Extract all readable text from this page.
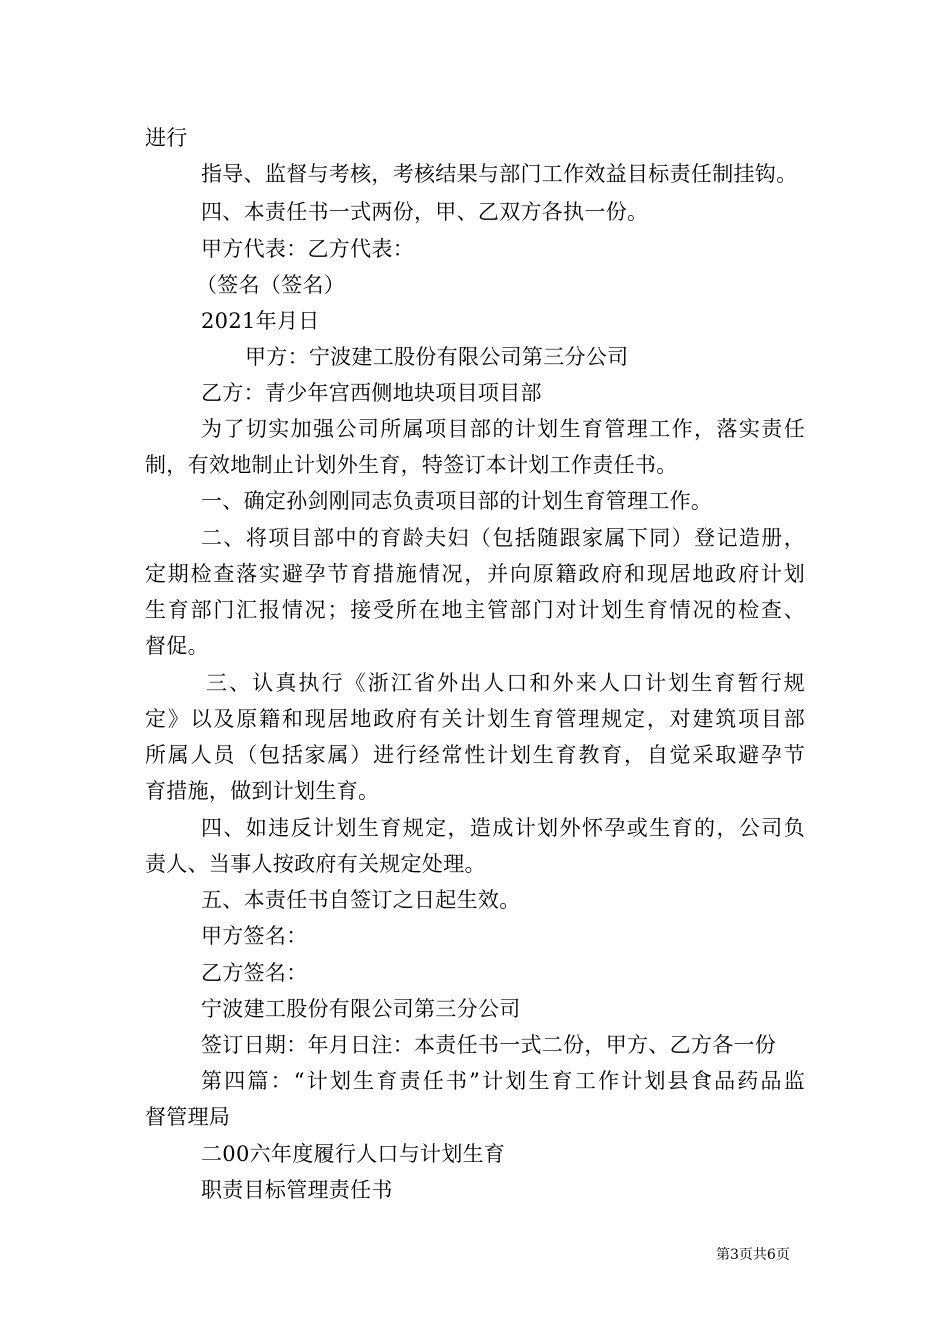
进行
指导、监督与考核，考核结果与部门工作效益目标责任制挂钩。
四、本责任书一式两份，甲、乙双方各执一份。
甲方代表：乙方代表：
（签名（签名）
2021年月日
甲方：宁波建工股份有限公司第三分公司
乙方：青少年宫西侧地块项目项目部
为了切实加强公司所属项目部的计划生育管理工作，落实责任
制，有效地制止计划外生育，特签订本计划工作责任书。
一、确定孙剑刚同志负责项目部的计划生育管理工作。
二、将项目部中的育龄夫妇（包括随跟家属下同）登记造册，
定期检查落实避孕节育措施情况，并向原籍政府和现居地政府计划
生育部门汇报情况；接受所在地主管部门对计划生育情况的检查、
督促。
三、认真执行《浙江省外出人口和外来人口计划生育暂行规
定》以及原籍和现居地政府有关计划生育管理规定，对建筑项目部
所属人员（包括家属）进行经常性计划生育教育，自觉采取避孕节
育措施，做到计划生育。
四、如违反计划生育规定，造成计划外怀孕或生育的，公司负
责人、当事人按政府有关规定处理。
五、本责任书自签订之日起生效。
甲方签名：
乙方签名：
宁波建工股份有限公司第三分公司
签订日期：年月日注：本责任书一式二份，甲方、乙方各一份
第四篇：“计划生育责任书”计划生育工作计划县食品药品监
督管理局
二00六年度履行人口与计划生育
职责目标管理责任书
第3页共6页
